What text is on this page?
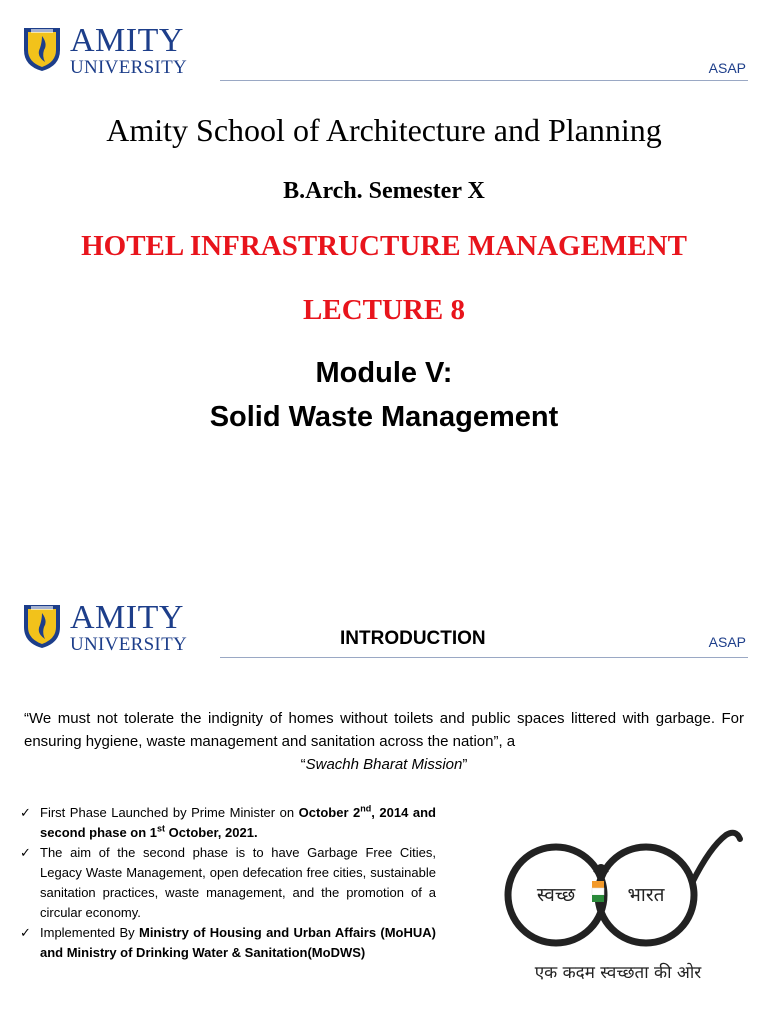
AMITY
UNIVERSITY	ASAP
Amity School of Architecture and Planning
B.Arch. Semester X
HOTEL INFRASTRUCTURE MANAGEMENT
LECTURE 8
Module V:
Solid Waste Management
AMITY
UNIVERSITY	INTRODUCTION	ASAP
“We must not tolerate the indignity of homes without toilets and public spaces littered with garbage. For ensuring hygiene, waste management and sanitation across the nation”, a
“Swachh Bharat Mission”
✓ First Phase Launched by Prime Minister on October 2nd, 2014 and second phase on 1st October, 2021.
✓ The aim of the second phase is to have Garbage Free Cities, Legacy Waste Management, open defecation free cities, sustainable sanitation practices, waste management, and the promotion of a circular economy.
✓ Implemented By Ministry of Housing and Urban Affairs (MoHUA) and Ministry of Drinking Water & Sanitation(MoDWS)
स्वच्छ	भारत
एक कदम स्वच्छता की ओर
